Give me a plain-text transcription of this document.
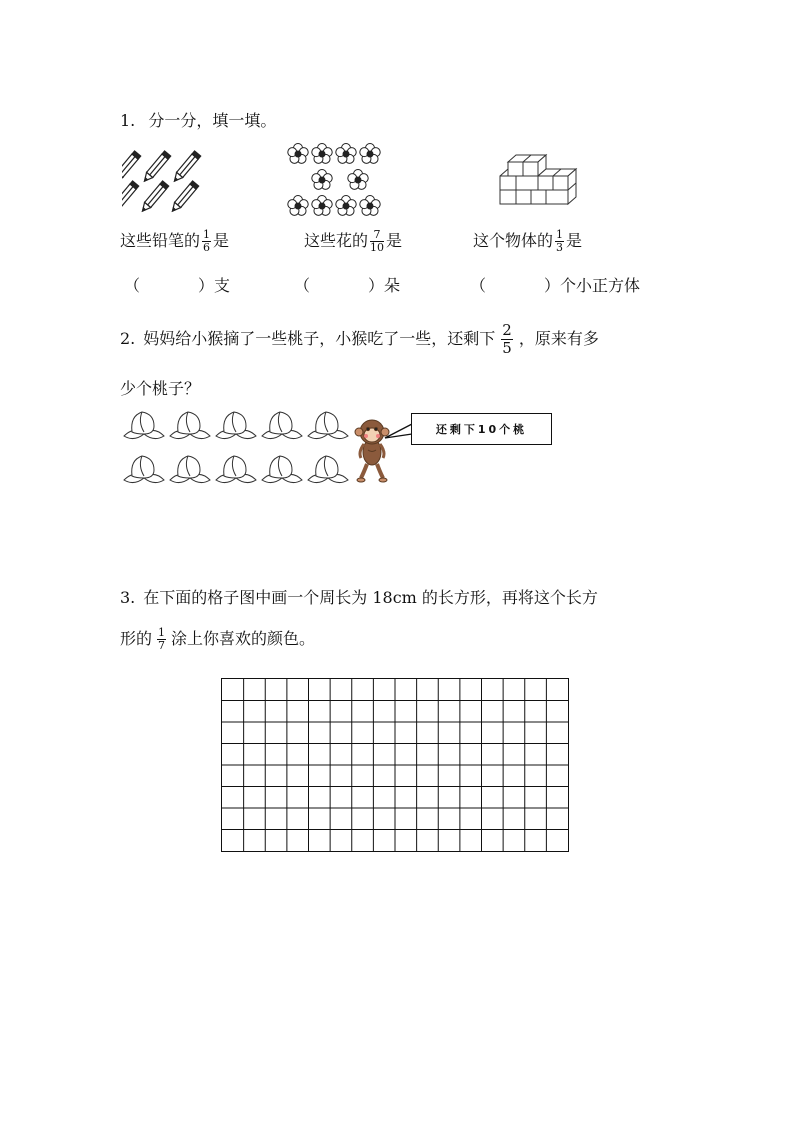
1. 分一分，填一填。
这些铅笔的 $\frac{1}{6}$ 是	这些花的 $\frac{7}{10}$ 是	这个物体的 $\frac{1}{3}$ 是
（	）支	（	）朵	（	）个小正方体
2. 妈妈给小猴摘了一些桃子，小猴吃了一些，还剩下 $\frac{2}{5}$ ，原来有多
少个桃子？
还剩下10个桃
3. 在下面的格子图中画一个周长为 18cm 的长方形，再将这个长方
形的 $\frac{1}{7}$ 涂上你喜欢的颜色。
